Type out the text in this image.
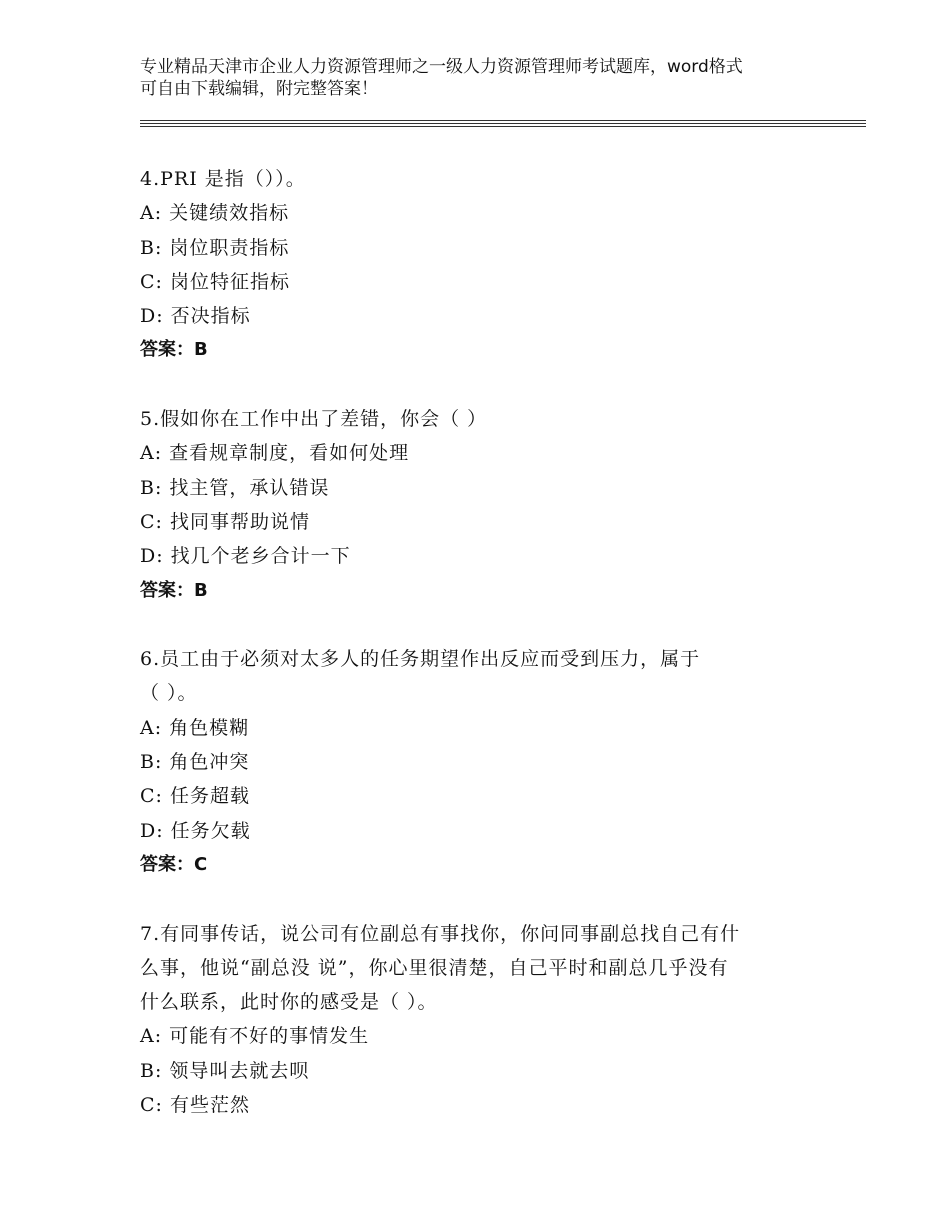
专业精品天津市企业人力资源管理师之一级人力资源管理师考试题库，word格式
可自由下载编辑，附完整答案！
4.PRI 是指（））。
A: 关键绩效指标
B: 岗位职责指标
C: 岗位特征指标
D: 否决指标
答案：B
5.假如你在工作中出了差错，你会（ ）
A: 查看规章制度，看如何处理
B: 找主管，承认错误
C: 找同事帮助说情
D: 找几个老乡合计一下
答案：B
6.员工由于必须对太多人的任务期望作出反应而受到压力，属于
（ ）。
A: 角色模糊
B: 角色冲突
C: 任务超载
D: 任务欠载
答案：C
7.有同事传话，说公司有位副总有事找你，你问同事副总找自己有什
么事，他说“副总没 说”，你心里很清楚，自己平时和副总几乎没有
什么联系，此时你的感受是（ ）。
A: 可能有不好的事情发生
B: 领导叫去就去呗
C: 有些茫然
